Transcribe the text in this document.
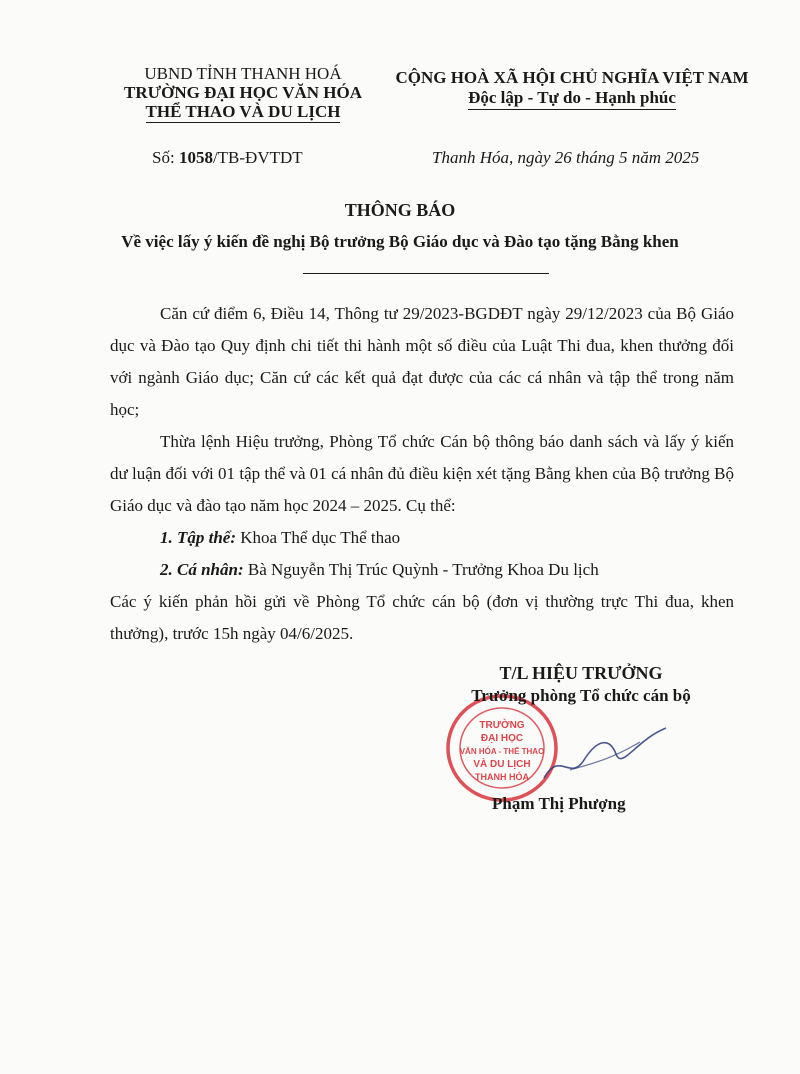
UBND TỈNH THANH HOÁ
TRƯỜNG ĐẠI HỌC VĂN HÓA
THỂ THAO VÀ DU LỊCH
CỘNG HOÀ XÃ HỘI CHỦ NGHĨA VIỆT NAM
Độc lập - Tự do - Hạnh phúc
Số: 1058/TB-ĐVTDT	Thanh Hóa, ngày 26 tháng 5 năm 2025
THÔNG BÁO
Về việc lấy ý kiến đề nghị Bộ trưởng Bộ Giáo dục và Đào tạo tặng Bằng khen

Căn cứ điểm 6, Điều 14, Thông tư 29/2023-BGDĐT ngày 29/12/2023 của Bộ Giáo dục và Đào tạo Quy định chi tiết thi hành một số điều của Luật Thi đua, khen thưởng đối với ngành Giáo dục; Căn cứ các kết quả đạt được của các cá nhân và tập thể trong năm học;

Thừa lệnh Hiệu trưởng, Phòng Tổ chức Cán bộ thông báo danh sách và lấy ý kiến dư luận đối với 01 tập thể và 01 cá nhân đủ điều kiện xét tặng Bằng khen của Bộ trưởng Bộ Giáo dục và đào tạo năm học 2024 – 2025. Cụ thể:

1. Tập thể: Khoa Thể dục Thể thao

2. Cá nhân: Bà Nguyễn Thị Trúc Quỳnh - Trưởng Khoa Du lịch

Các ý kiến phản hồi gửi về Phòng Tổ chức cán bộ (đơn vị thường trực Thi đua, khen thưởng), trước 15h ngày 04/6/2025.

TRƯỜNG
ĐẠI HỌC
VĂN HÓA - THỂ THAO
VÀ DU LỊCH
THANH HÓA
T/L HIỆU TRƯỞNG
Trưởng phòng Tổ chức cán bộ
Phạm Thị Phượng
